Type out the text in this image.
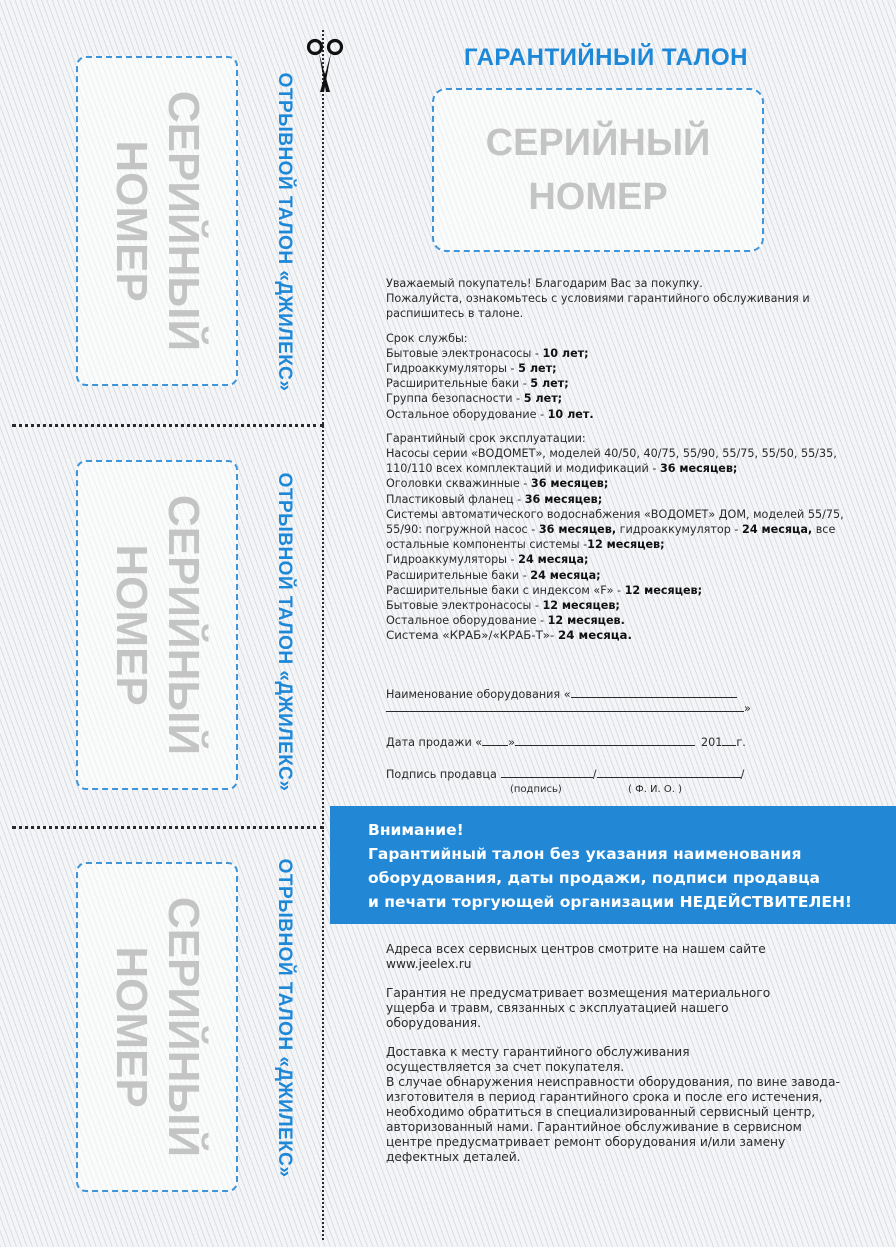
СЕРИЙНЫЙ
НОМЕР	ОТРЫВНОЙ ТАЛОН «ДЖИЛЕКС»
СЕРИЙНЫЙ
НОМЕР	ОТРЫВНОЙ ТАЛОН «ДЖИЛЕКС»
СЕРИЙНЫЙ
НОМЕР	ОТРЫВНОЙ ТАЛОН «ДЖИЛЕКС»
ГАРАНТИЙНЫЙ ТАЛОН
СЕРИЙНЫЙ
НОМЕР

Уважаемый покупатель! Благодарим Вас за покупку.

Пожалуйста, ознакомьтесь с условиями гарантийного обслуживания и распишитесь в талоне.

Срок службы:

Бытовые электронасосы - 10 лет;

Гидроаккумуляторы - 5 лет;

Расширительные баки - 5 лет;

Группа безопасности - 5 лет;

Остальное оборудование - 10 лет.

Гарантийный срок эксплуатации:

Насосы серии «ВОДОМЕТ», моделей 40/50, 40/75, 55/90, 55/75, 55/50, 55/35, 110/110 всех комплектаций и модификаций - 36 месяцев;

Оголовки скважинные - 36 месяцев;

Пластиковый фланец - 36 месяцев;

Системы автоматического водоснабжения «ВОДОМЕТ» ДОМ, моделей 55/75, 55/90: погружной насос - 36 месяцев, гидроаккумулятор - 24 месяца, все остальные компоненты системы -12 месяцев;

Гидроаккумуляторы - 24 месяца;

Расширительные баки - 24 месяца;

Расширительные баки с индексом «F» - 12 месяцев;

Бытовые электронасосы - 12 месяцев;

Остальное оборудование - 12 месяцев.

Система «КРАБ»/«КРАБ-Т»- 24 месяца.

Наименование оборудования «
»
Дата продажи « »	201 г.
Подпись продавца	/	/
(подпись)	( Ф. И. О. )
Внимание!
Гарантийный талон без указания наименования
оборудования, даты продажи, подписи продавца
и печати торгующей организации НЕДЕЙСТВИТЕЛЕН!

Адреса всех сервисных центров смотрите на нашем сайте www.jeelex.ru

Гарантия не предусматривает возмещения материального ущерба и травм, связанных с эксплуатацией нашего оборудования.

Доставка к месту гарантийного обслуживания осуществляется за счет покупателя.
В случае обнаружения неисправности оборудования, по вине завода-изготовителя в период гарантийного срока и после его истечения, необходимо обратиться в специализированный сервисный центр, авторизованный нами. Гарантийное обслуживание в сервисном центре предусматривает ремонт оборудования и/или замену дефектных деталей.
